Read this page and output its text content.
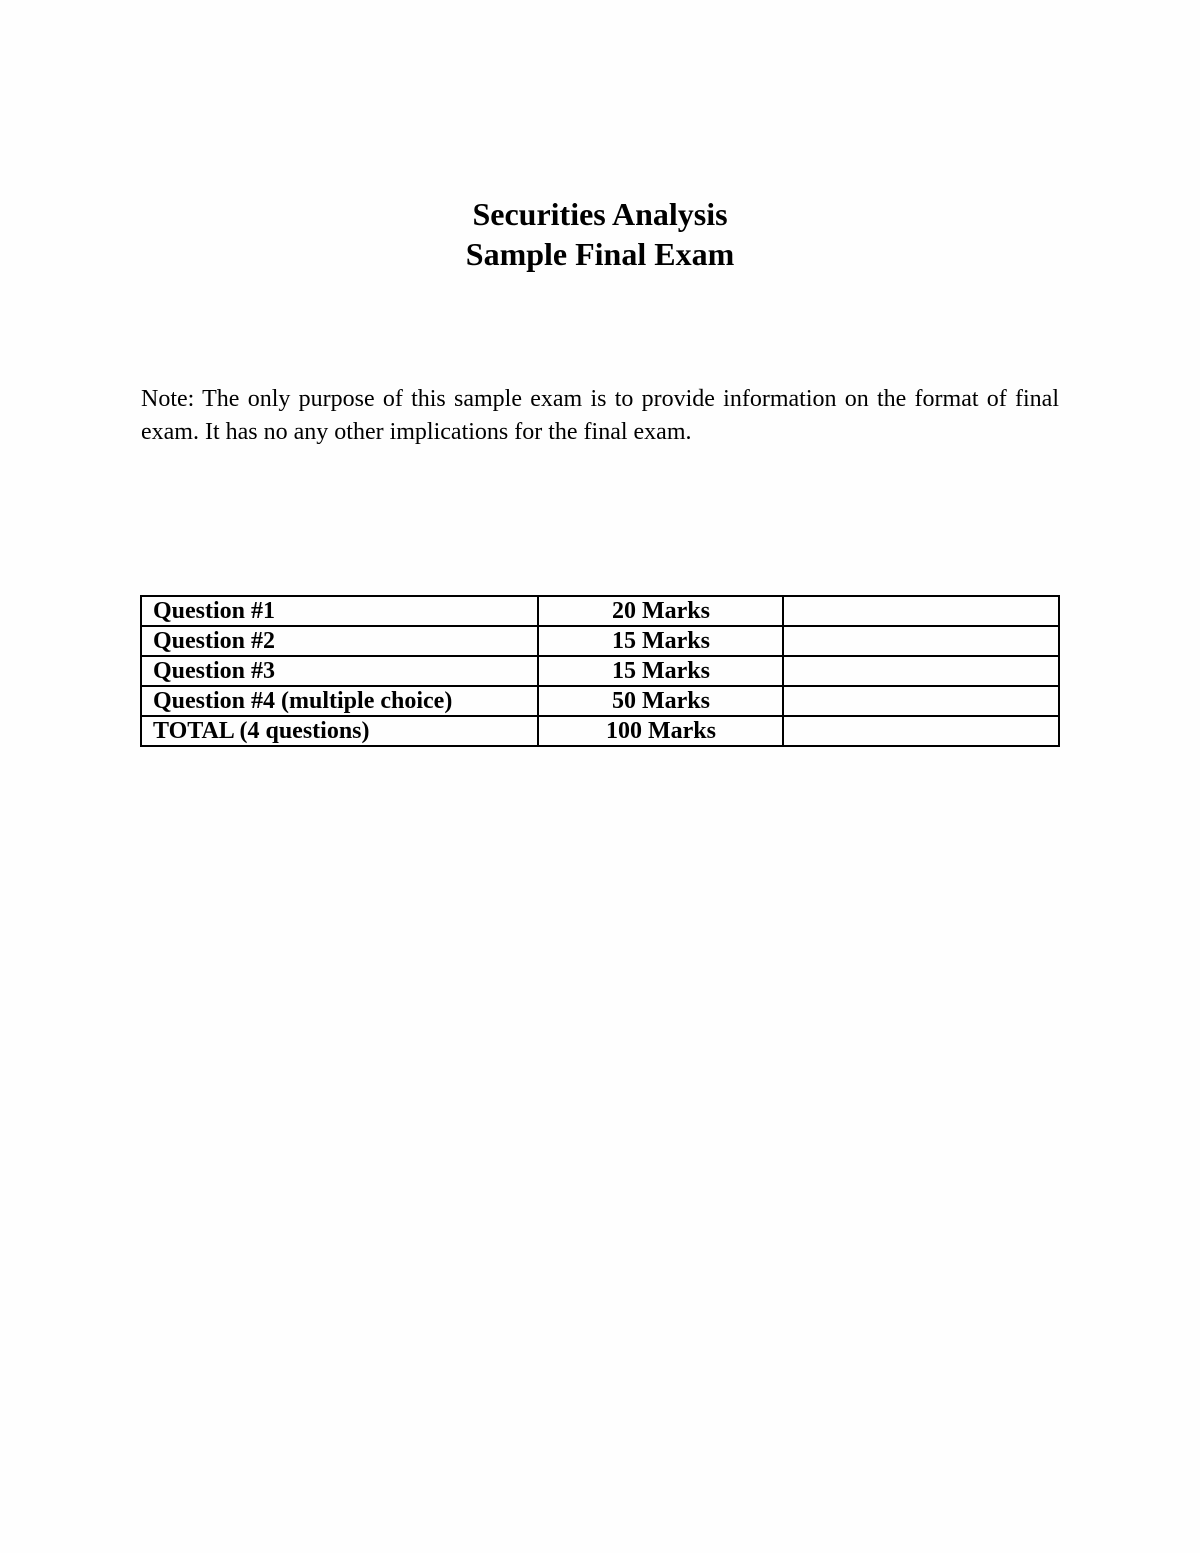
Securities Analysis
Sample Final Exam

Note: The only purpose of this sample exam is to provide information on the format of final exam. It has no any other implications for the final exam.

Question #1	20 Marks	
Question #2	15 Marks	
Question #3	15 Marks	
Question #4 (multiple choice)	50 Marks	
TOTAL (4 questions)	100 Marks	
